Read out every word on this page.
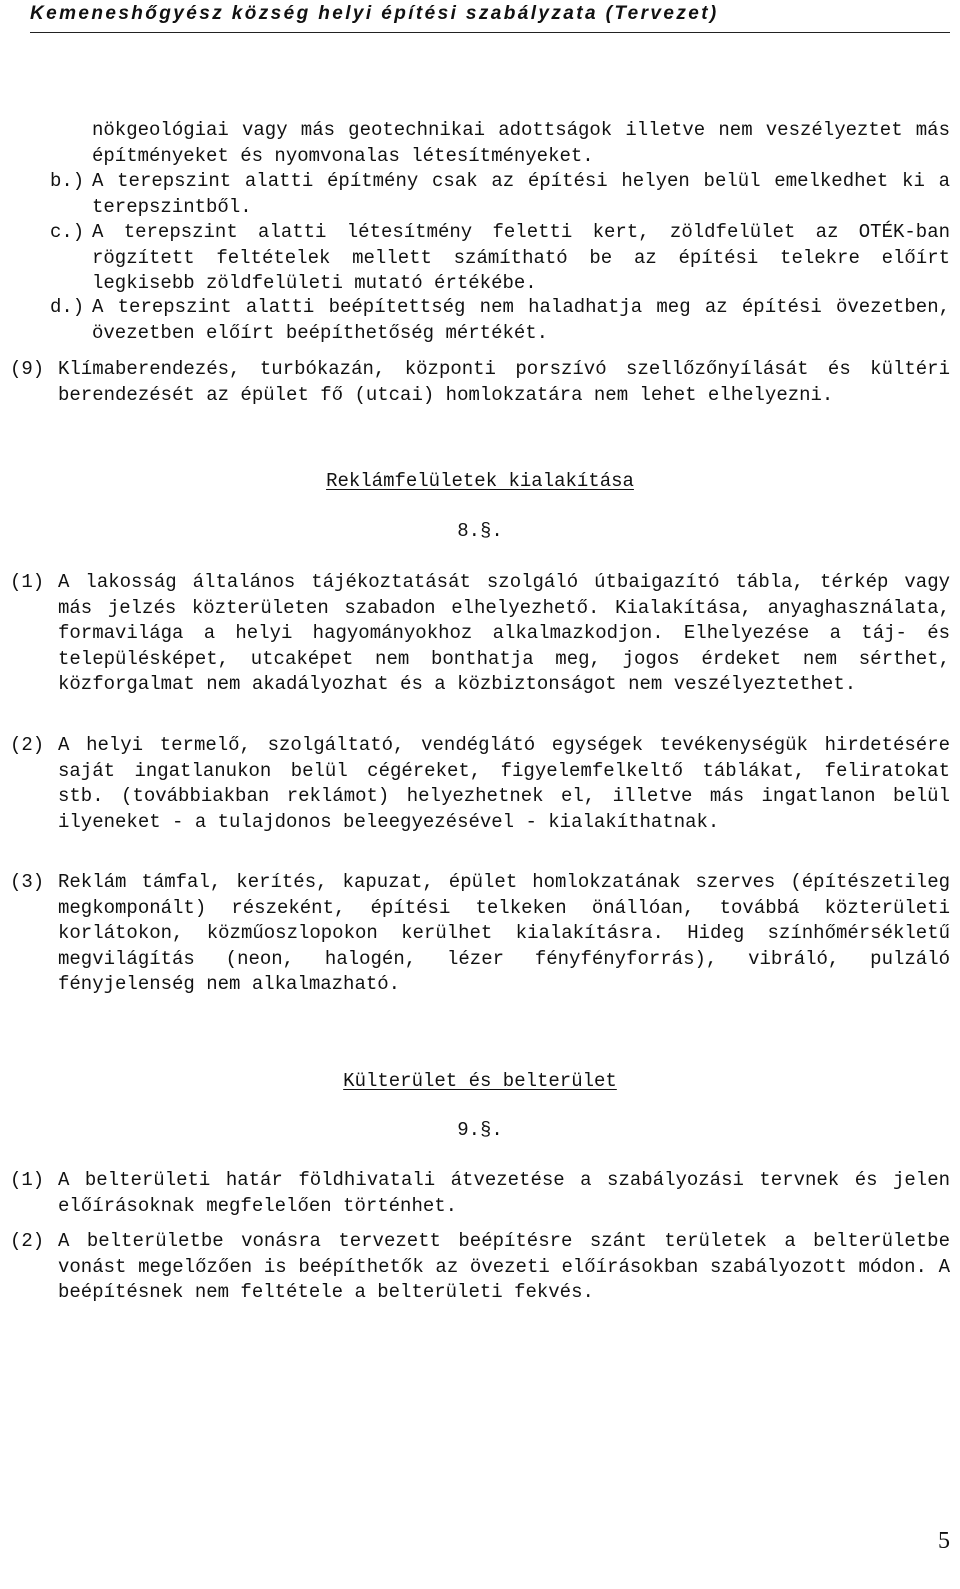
Kemeneshőgyész község helyi építési szabályzata (Tervezet)
nökgeológiai vagy más geotechnikai adottságok illetve nem veszélyeztet más építményeket és nyomvonalas létesítményeket.
b.) A terepszint alatti építmény csak az építési helyen belül emelkedhet ki a terepszintből.
c.) A terepszint alatti létesítmény feletti kert, zöldfelület az OTÉK-ban rögzített feltételek mellett számítható be az építési telekre előírt legkisebb zöldfelületi mutató értékébe.
d.) A terepszint alatti beépítettség nem haladhatja meg az építési övezetben, övezetben előírt beépíthetőség mértékét.
(9) Klímaberendezés, turbókazán, központi porszívó szellőzőnyílását és kültéri berendezését az épület fő (utcai) homlokzatára nem lehet elhelyezni.
Reklámfelületek kialakítása
8.§.
(1) A lakosság általános tájékoztatását szolgáló útbaigazító tábla, térkép vagy más jelzés közterületen szabadon elhelyezhető. Kialakítása, anyaghasználata, formavilága a helyi hagyományokhoz alkalmazkodjon. Elhelyezése a táj- és településképet, utcaképet nem bonthatja meg, jogos érdeket nem sérthet, közforgalmat nem akadályozhat és a közbiztonságot nem veszélyeztethet.
(2) A helyi termelő, szolgáltató, vendéglátó egységek tevékenységük hirdetésére saját ingatlanukon belül cégéreket, figyelemfelkeltő táblákat, feliratokat stb. (továbbiakban reklámot) helyezhetnek el, illetve más ingatlanon belül ilyeneket - a tulajdonos beleegyezésével - kialakíthatnak.
(3) Reklám támfal, kerítés, kapuzat, épület homlokzatának szerves (építészetileg megkomponált) részeként, építési telkeken önállóan, továbbá közterületi korlátokon, közműoszlopokon kerülhet kialakításra. Hideg színhőmérsékletű megvilágítás (neon, halogén, lézer fényfényforrás), vibráló, pulzáló fényjelenség nem alkalmazható.
Külterület és belterület
9.§.
(1) A belterületi határ földhivatali átvezetése a szabályozási tervnek és jelen előírásoknak megfelelően történhet.
(2) A belterületbe vonásra tervezett beépítésre szánt területek a belterületbe vonást megelőzően is beépíthetők az övezeti előírásokban szabályozott módon. A beépítésnek nem feltétele a belterületi fekvés.
5
